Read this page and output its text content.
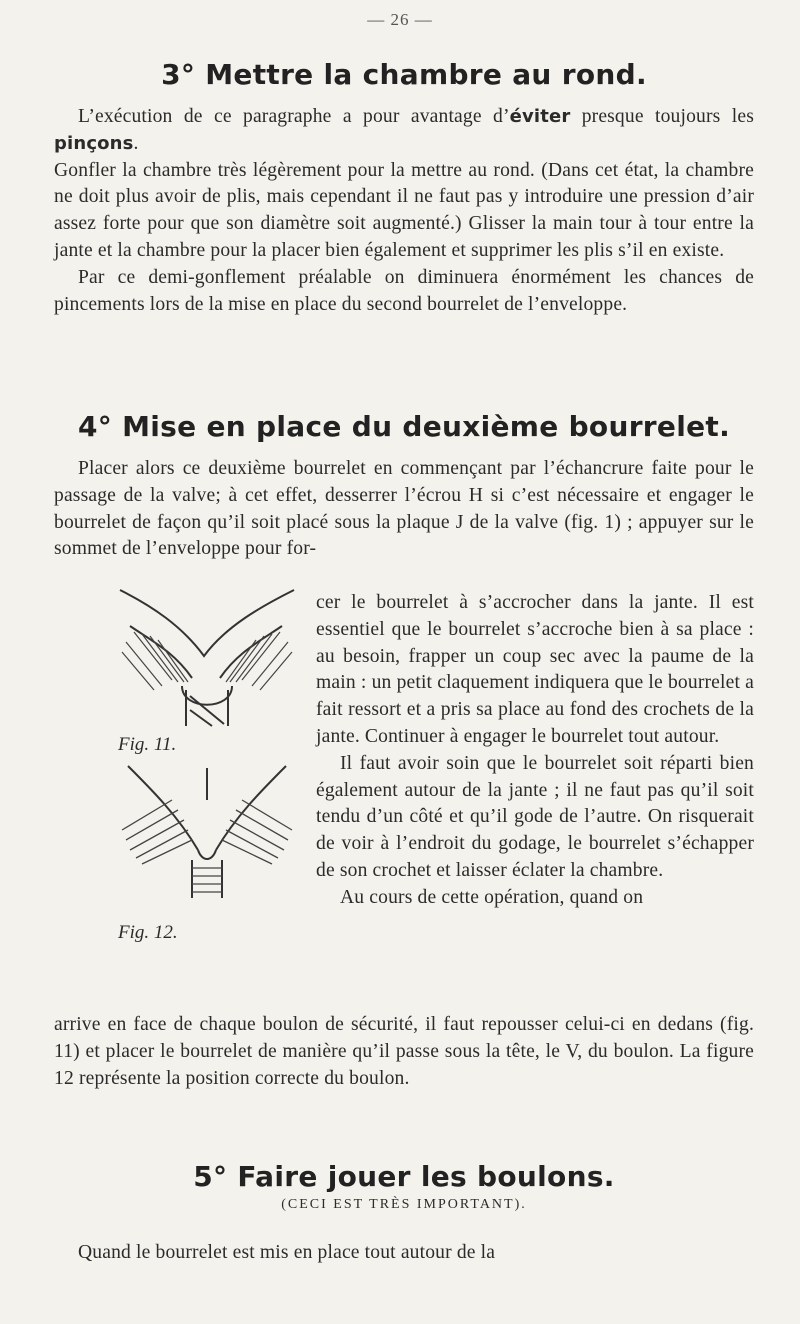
— 26 —
3° Mettre la chambre au rond.

L’exécution de ce paragraphe a pour avantage d’éviter presque toujours les pinçons.

Gonfler la chambre très légèrement pour la mettre au rond. (Dans cet état, la chambre ne doit plus avoir de plis, mais cependant il ne faut pas y introduire une pression d’air assez forte pour que son diamètre soit augmenté.) Glisser la main tour à tour entre la jante et la chambre pour la placer bien également et supprimer les plis s’il en existe.

Par ce demi-gonflement préalable on diminuera énormément les chances de pincements lors de la mise en place du second bourrelet de l’enveloppe.

4° Mise en place du deuxième bourrelet.

Placer alors ce deuxième bourrelet en commençant par l’échancrure faite pour le passage de la valve; à cet effet, desserrer l’écrou H si c’est nécessaire et engager le bourrelet de façon qu’il soit placé sous la plaque J de la valve (fig. 1) ; appuyer sur le sommet de l’enveloppe pour for-

Fig. 11.
Fig. 12.

cer le bourrelet à s’accrocher dans la jante. Il est essentiel que le bourrelet s’accroche bien à sa place : au besoin, frapper un coup sec avec la paume de la main : un petit claquement indiquera que le bourrelet a fait ressort et a pris sa place au fond des crochets de la jante. Continuer à engager le bourrelet tout autour.

Il faut avoir soin que le bourrelet soit réparti bien également autour de la jante ; il ne faut pas qu’il soit tendu d’un côté et qu’il gode de l’autre. On risquerait de voir à l’endroit du godage, le bourrelet s’échapper de son crochet et laisser éclater la chambre.

Au cours de cette opération, quand on

arrive en face de chaque boulon de sécurité, il faut repousser celui-ci en dedans (fig. 11) et placer le bourrelet de manière qu’il passe sous la tête, le V, du boulon. La figure 12 représente la position correcte du boulon.

5° Faire jouer les boulons.

(CECI EST TRÈS IMPORTANT).

Quand le bourrelet est mis en place tout autour de la
